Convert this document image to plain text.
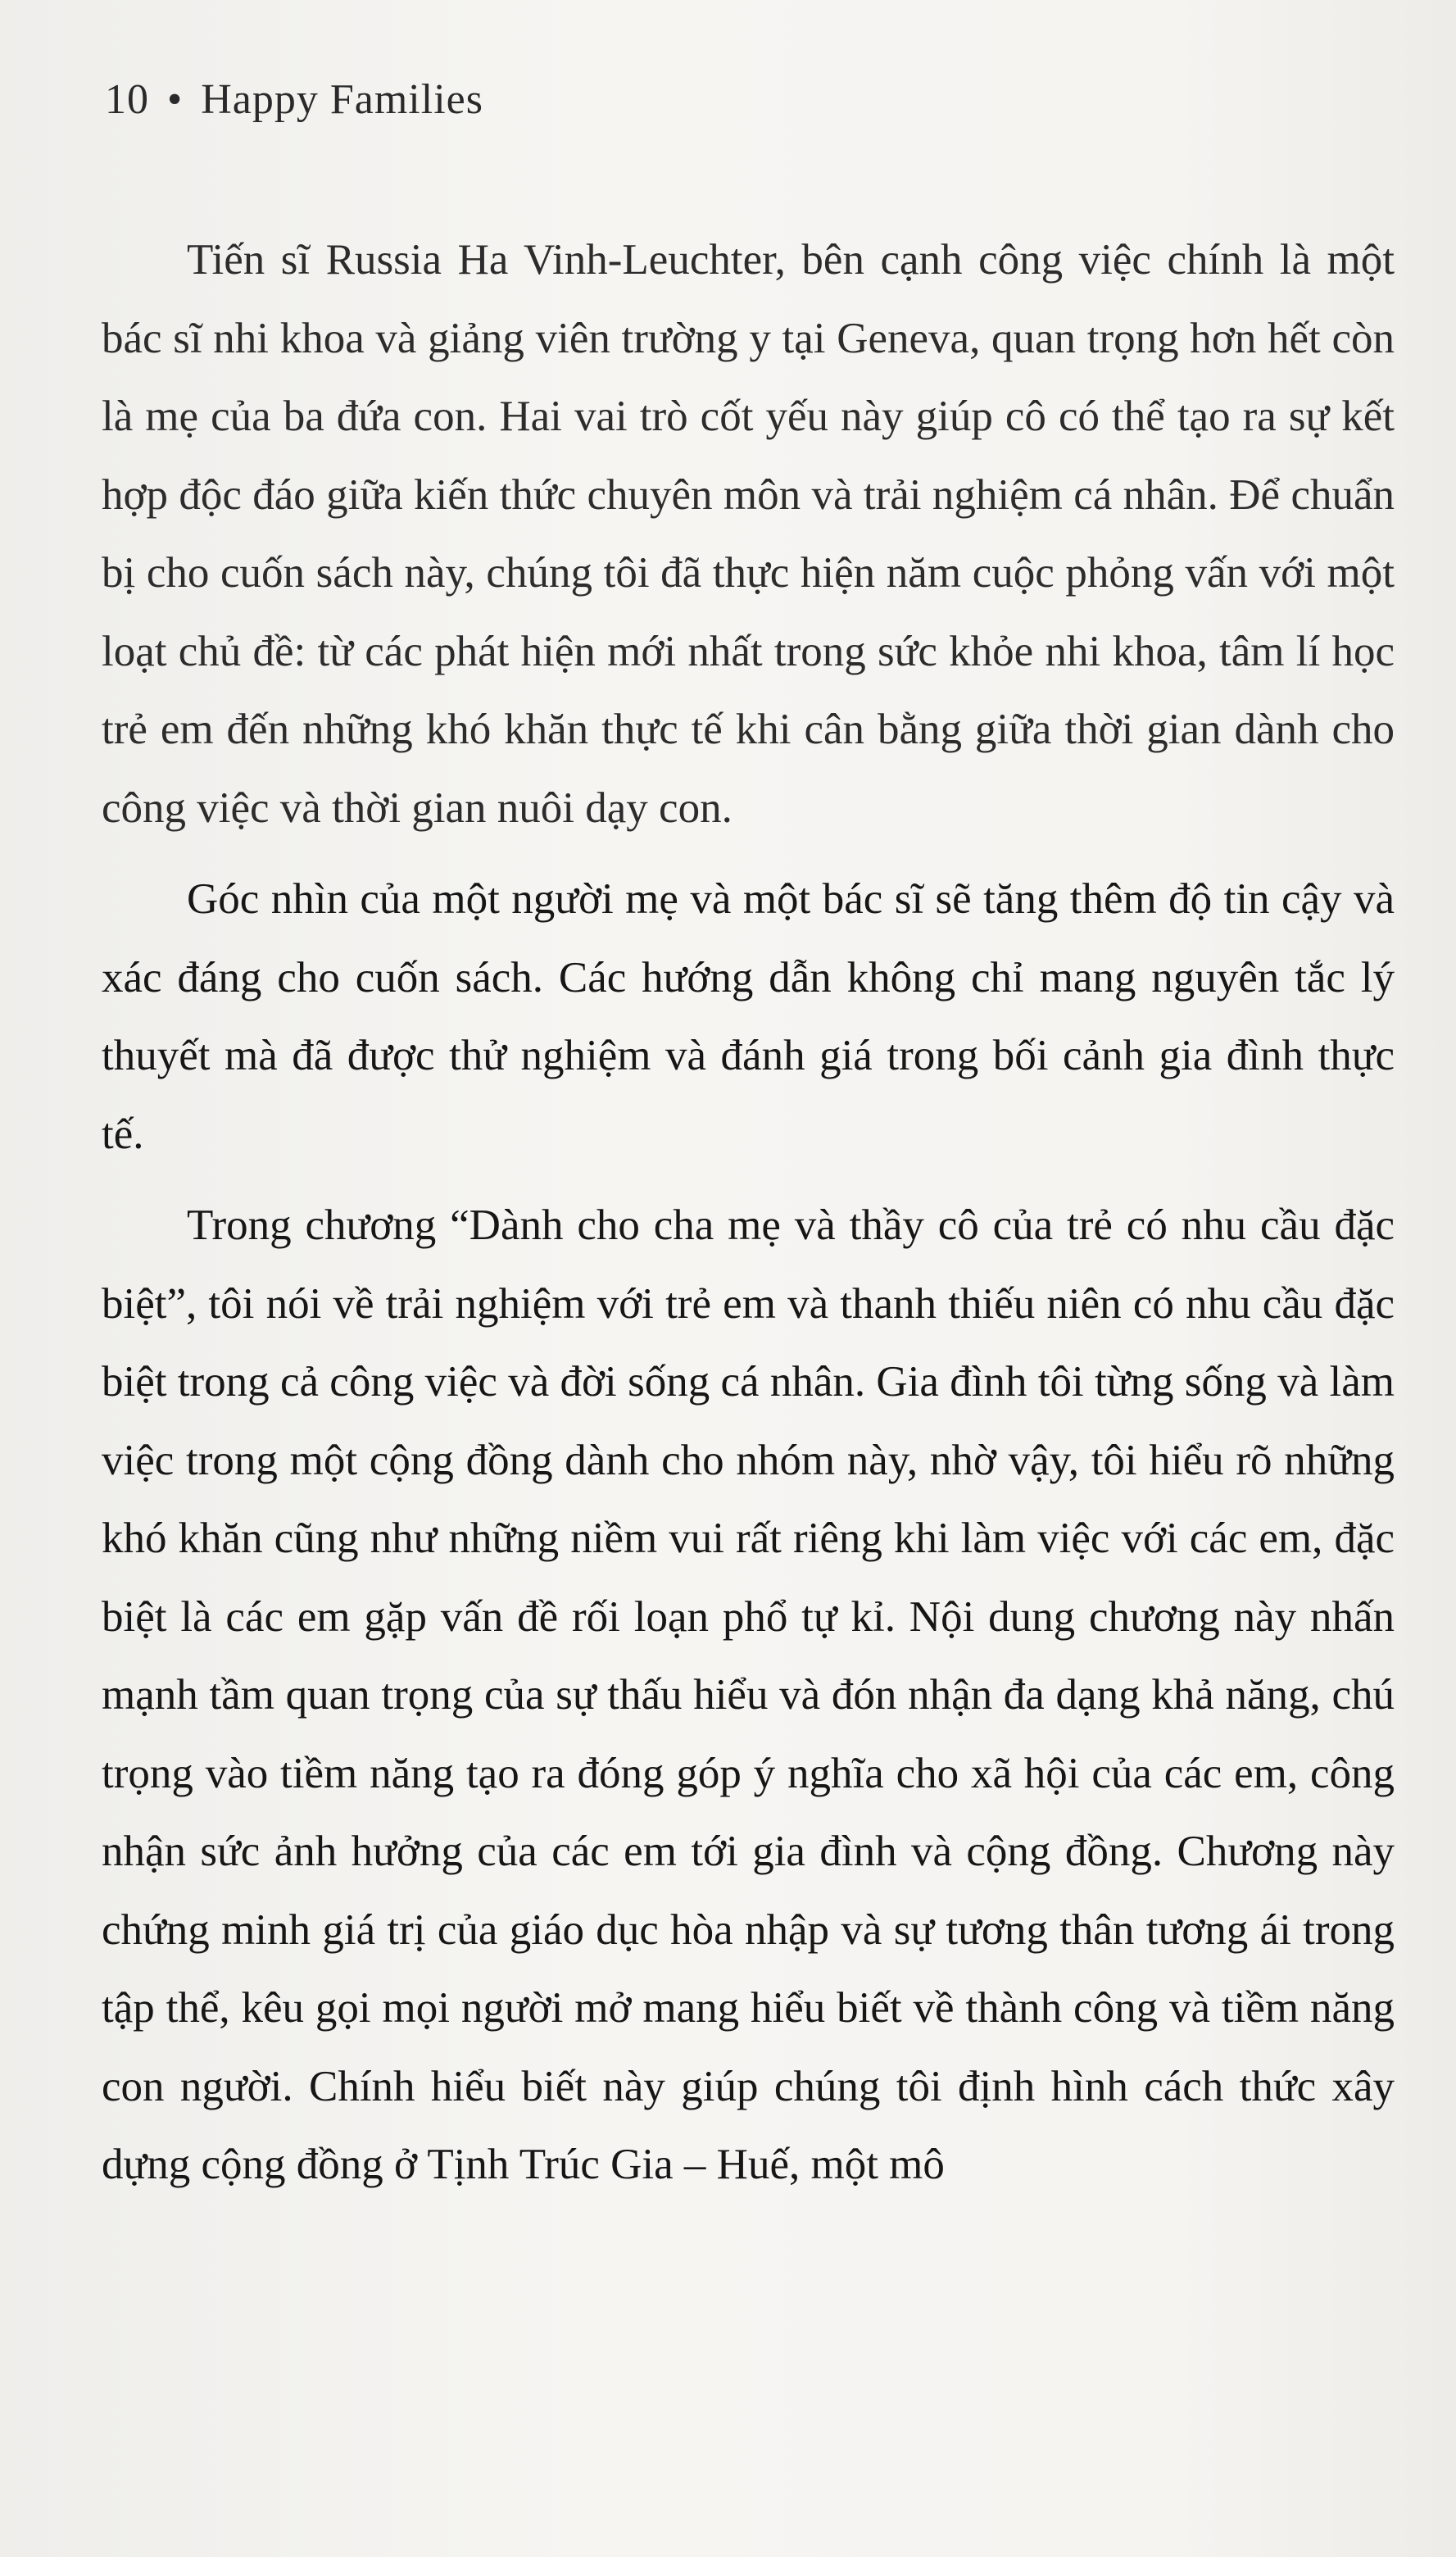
10 • Happy Families

Tiến sĩ Russia Ha Vinh-Leuchter, bên cạnh công việc chính là một bác sĩ nhi khoa và giảng viên trường y tại Geneva, quan trọng hơn hết còn là mẹ của ba đứa con. Hai vai trò cốt yếu này giúp cô có thể tạo ra sự kết hợp độc đáo giữa kiến thức chuyên môn và trải nghiệm cá nhân. Để chuẩn bị cho cuốn sách này, chúng tôi đã thực hiện năm cuộc phỏng vấn với một loạt chủ đề: từ các phát hiện mới nhất trong sức khỏe nhi khoa, tâm lí học trẻ em đến những khó khăn thực tế khi cân bằng giữa thời gian dành cho công việc và thời gian nuôi dạy con.

Góc nhìn của một người mẹ và một bác sĩ sẽ tăng thêm độ tin cậy và xác đáng cho cuốn sách. Các hướng dẫn không chỉ mang nguyên tắc lý thuyết mà đã được thử nghiệm và đánh giá trong bối cảnh gia đình thực tế.

Trong chương “Dành cho cha mẹ và thầy cô của trẻ có nhu cầu đặc biệt”, tôi nói về trải nghiệm với trẻ em và thanh thiếu niên có nhu cầu đặc biệt trong cả công việc và đời sống cá nhân. Gia đình tôi từng sống và làm việc trong một cộng đồng dành cho nhóm này, nhờ vậy, tôi hiểu rõ những khó khăn cũng như những niềm vui rất riêng khi làm việc với các em, đặc biệt là các em gặp vấn đề rối loạn phổ tự kỉ. Nội dung chương này nhấn mạnh tầm quan trọng của sự thấu hiểu và đón nhận đa dạng khả năng, chú trọng vào tiềm năng tạo ra đóng góp ý nghĩa cho xã hội của các em, công nhận sức ảnh hưởng của các em tới gia đình và cộng đồng. Chương này chứng minh giá trị của giáo dục hòa nhập và sự tương thân tương ái trong tập thể, kêu gọi mọi người mở mang hiểu biết về thành công và tiềm năng con người. Chính hiểu biết này giúp chúng tôi định hình cách thức xây dựng cộng đồng ở Tịnh Trúc Gia – Huế, một mô
